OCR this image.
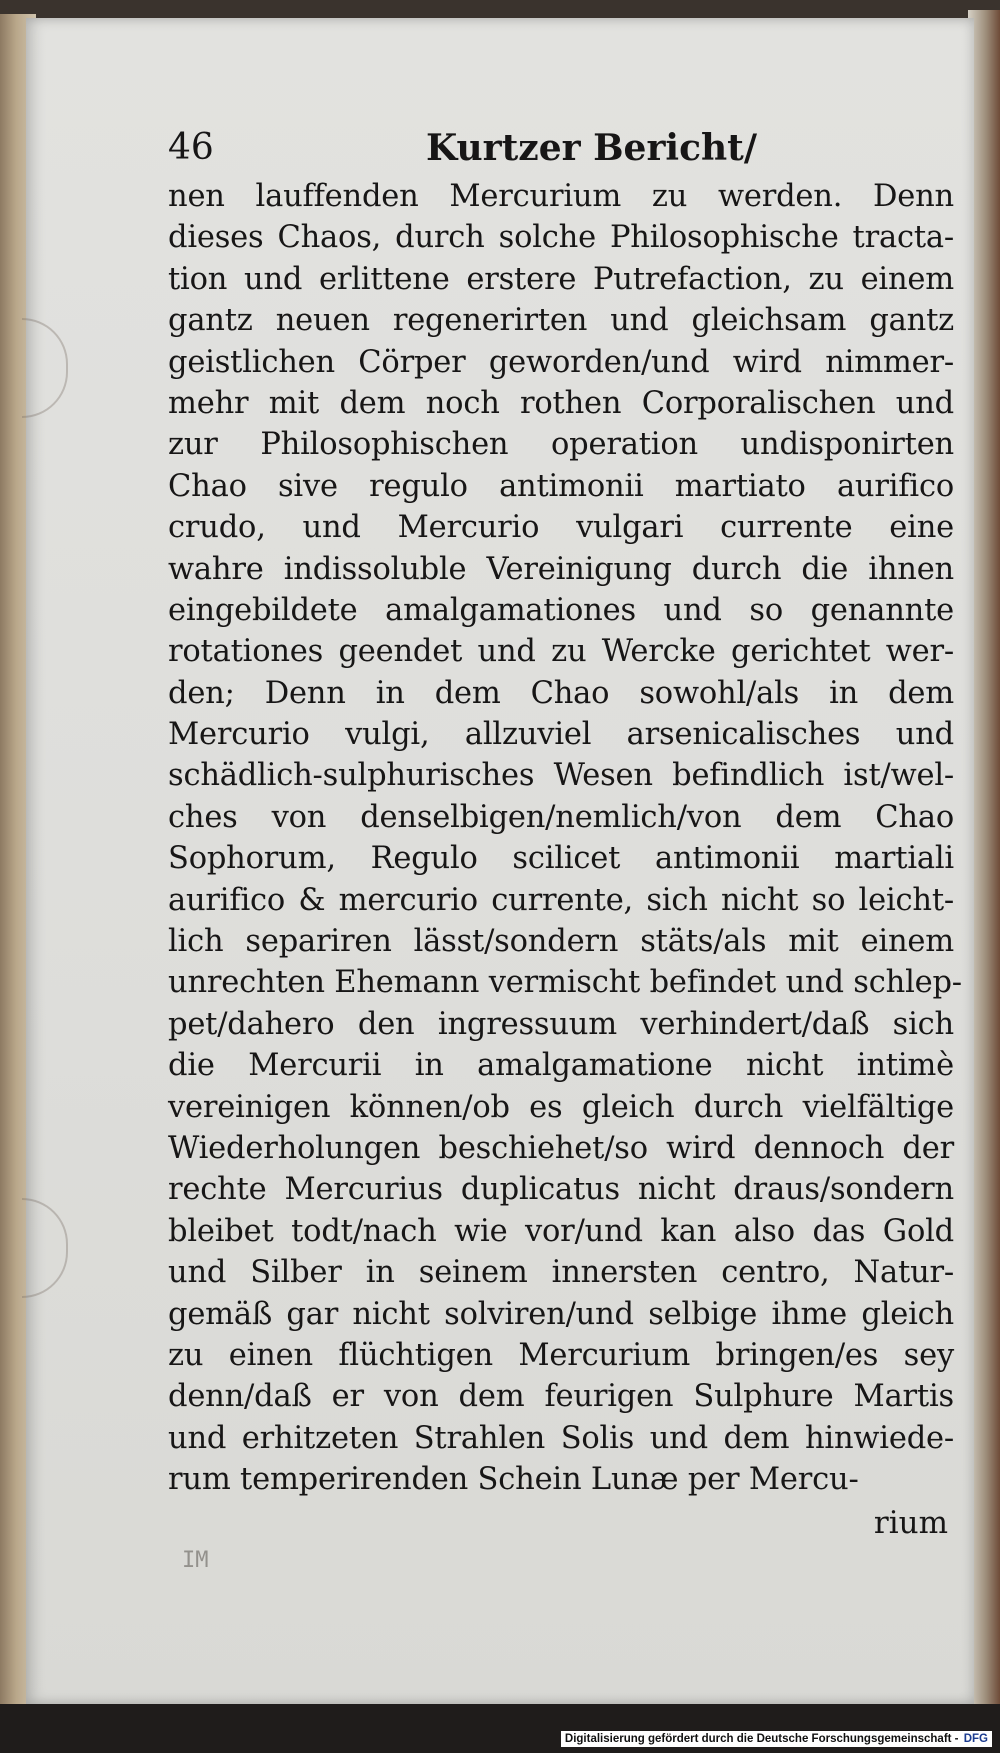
46	Kurtzer Bericht/
nen lauffenden Mercurium zu werden. Denn
dieses Chaos, durch solche Philosophische tracta-
tion und erlittene erstere Putrefaction, zu einem
gantz neuen regenerirten und gleichsam gantz
geistlichen Cörper geworden/und wird nimmer-
mehr mit dem noch rothen Corporalischen und
zur Philosophischen operation undisponirten
Chao sive regulo antimonii martiato aurifico
crudo, und Mercurio vulgari currente eine
wahre indissoluble Vereinigung durch die ihnen
eingebildete amalgamationes und so genannte
rotationes geendet und zu Wercke gerichtet wer-
den; Denn in dem Chao sowohl/als in dem
Mercurio vulgi, allzuviel arsenicalisches und
schädlich-sulphurisches Wesen befindlich ist/wel-
ches von denselbigen/nemlich/von dem Chao
Sophorum, Regulo scilicet antimonii martiali
aurifico & mercurio currente, sich nicht so leicht-
lich separiren lässt/sondern stäts/als mit einem
unrechten Ehemann vermischt befindet und schlep-
pet/dahero den ingressuum verhindert/daß sich
die Mercurii in amalgamatione nicht intimè
vereinigen können/ob es gleich durch vielfältige
Wiederholungen beschiehet/so wird dennoch der
rechte Mercurius duplicatus nicht draus/sondern
bleibet todt/nach wie vor/und kan also das Gold
und Silber in seinem innersten centro, Natur-
gemäß gar nicht solviren/und selbige ihme gleich
zu einen flüchtigen Mercurium bringen/es sey
denn/daß er von dem feurigen Sulphure Martis
und erhitzeten Strahlen Solis und dem hinwiede-
rum temperirenden Schein Lunæ per Mercu-
rium
IM
Digitalisierung gefördert durch die Deutsche Forschungsgemeinschaft - DFG
